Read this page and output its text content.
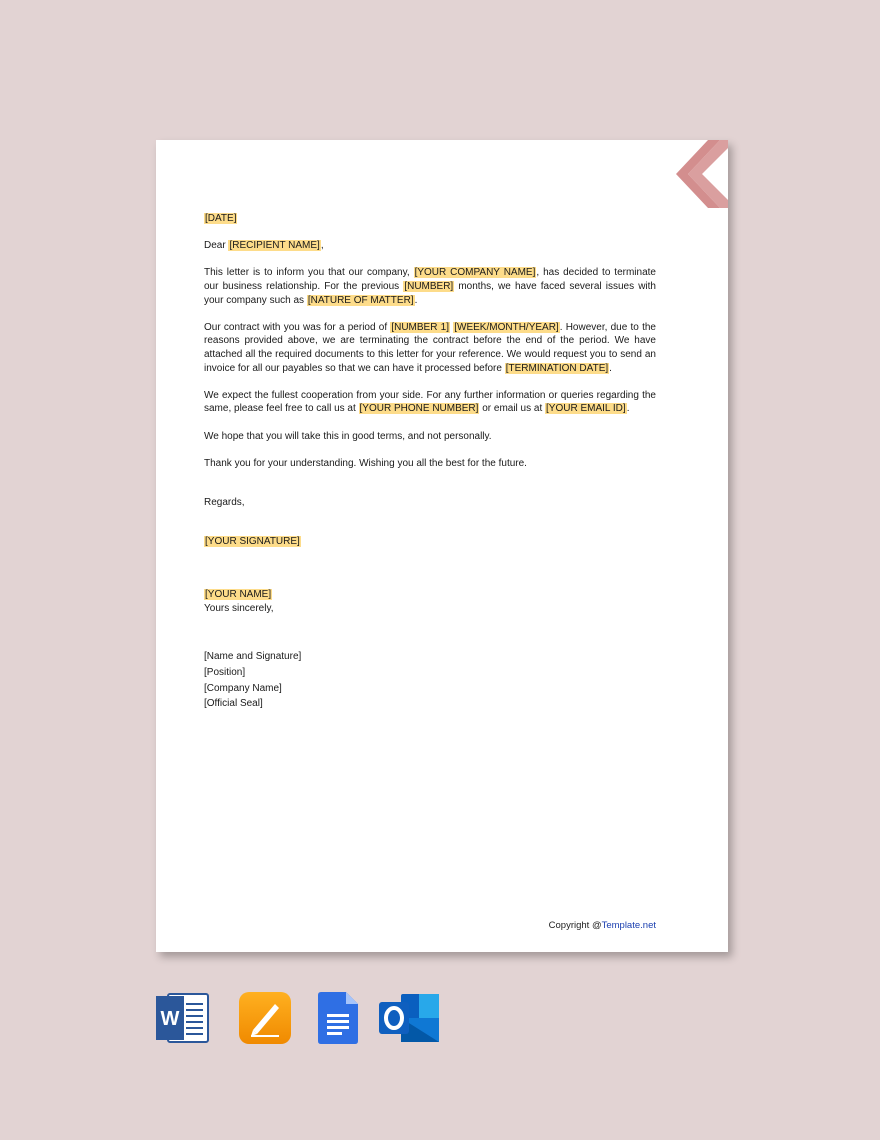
[DATE]

Dear [RECIPIENT NAME],

This letter is to inform you that our company, [YOUR COMPANY NAME], has decided to terminate our business relationship. For the previous [NUMBER] months, we have faced several issues with your company such as [NATURE OF MATTER].

Our contract with you was for a period of [NUMBER 1] [WEEK/MONTH/YEAR]. However, due to the reasons provided above, we are terminating the contract before the end of the period. We have attached all the required documents to this letter for your reference. We would request you to send an invoice for all our payables so that we can have it processed before [TERMINATION DATE].

We expect the fullest cooperation from your side. For any further information or queries regarding the same, please feel free to call us at [YOUR PHONE NUMBER] or email us at [YOUR EMAIL ID].

We hope that you will take this in good terms, and not personally.

Thank you for your understanding. Wishing you all the best for the future.

Regards,

[YOUR SIGNATURE]

[YOUR NAME]

Yours sincerely,

[Name and Signature]

[Position]

[Company Name]

[Official Seal]

Copyright @Template.net
W
